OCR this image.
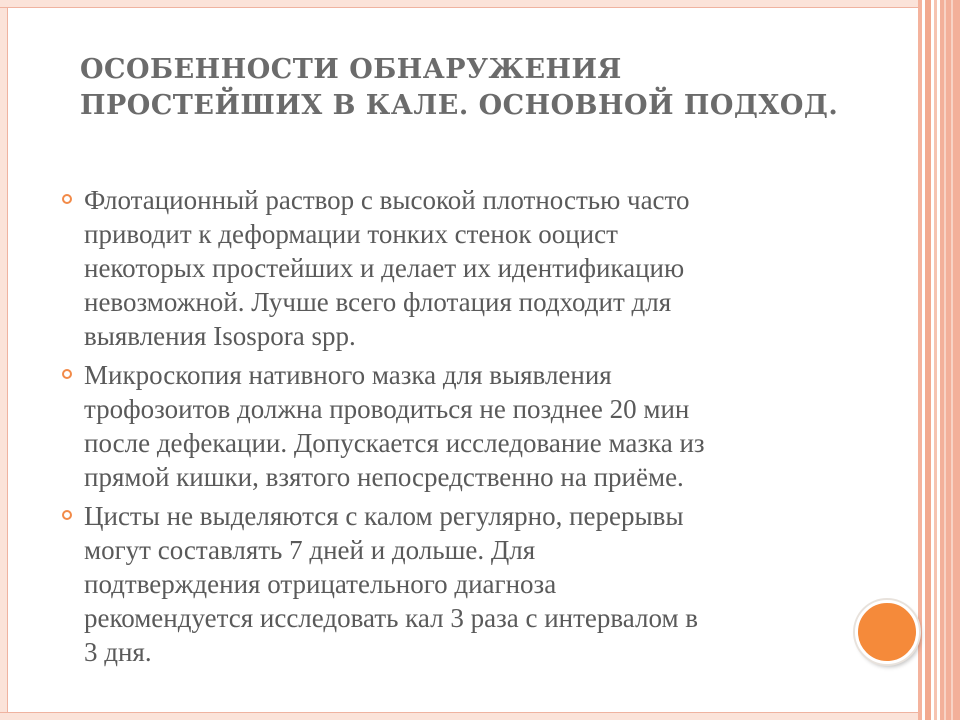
ОСОБЕННОСТИ ОБНАРУЖЕНИЯ
ПРОСТЕЙШИХ В КАЛЕ. ОСНОВНОЙ ПОДХОД.
Флотационный раствор с высокой плотностью часто
приводит к деформации тонких стенок ооцист
некоторых простейших и делает их идентификацию
невозможной. Лучше всего флотация подходит для
выявления Isospora spp.
Микроскопия нативного мазка для выявления
трофозоитов должна проводиться не позднее 20 мин
после дефекации. Допускается исследование мазка из
прямой кишки, взятого непосредственно на приёме.
Цисты не выделяются с калом регулярно, перерывы
могут составлять 7 дней и дольше. Для
подтверждения отрицательного диагноза
рекомендуется исследовать кал 3 раза с интервалом в
3 дня.
